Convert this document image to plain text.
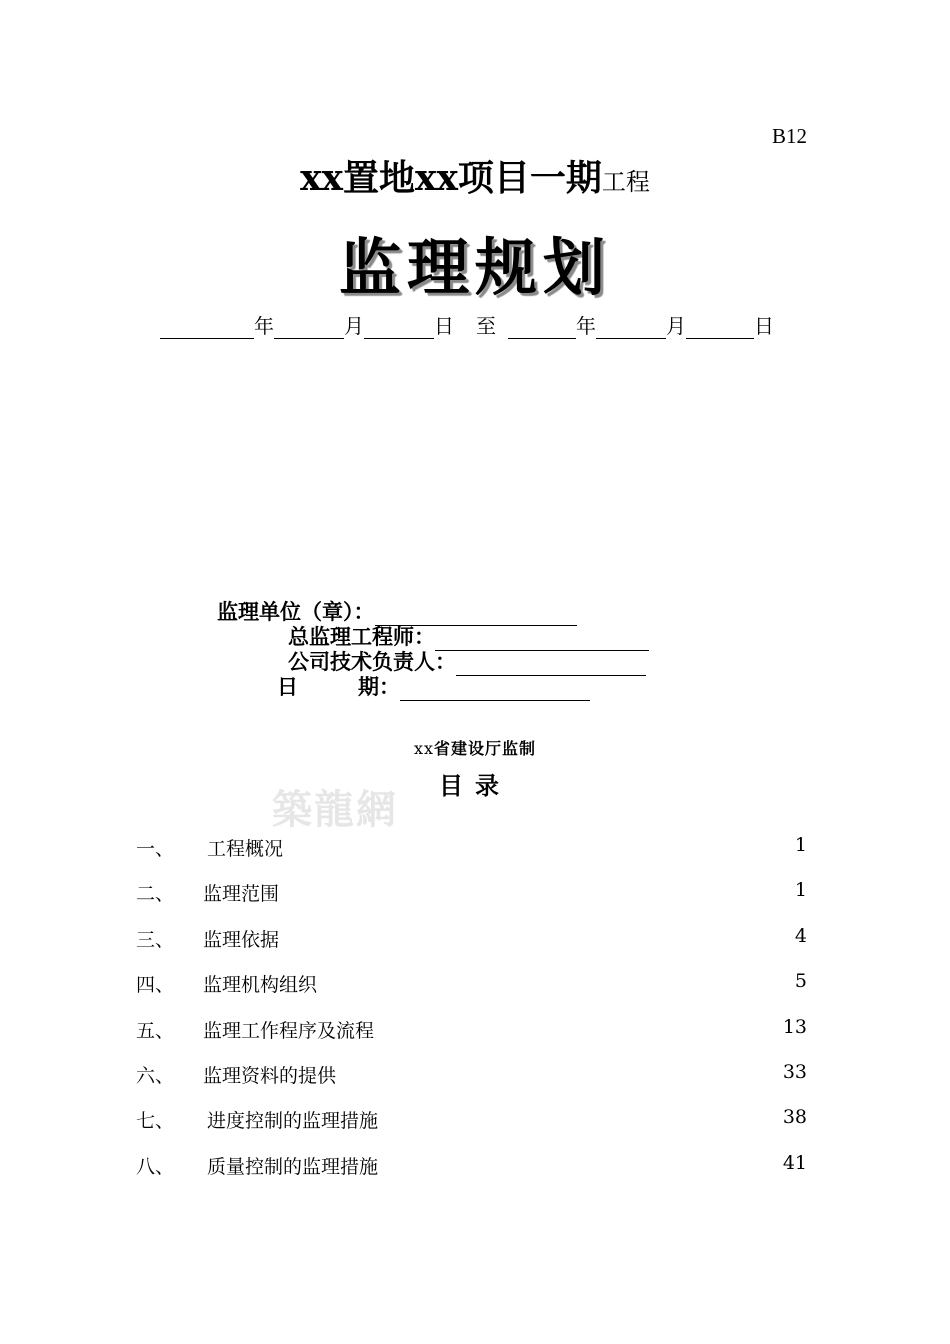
B12
xx置地xx项目一期工程
监理规划
年	月	日 至	年	月	日
监理单位（章）：
总监理工程师：
公司技术负责人：
日	期：
xx省建设厅监制
築龍網	目录
一、 工程概况	1
二、 监理范围	1
三、 监理依据	4
四、 监理机构组织	5
五、 监理工作程序及流程	13
六、 监理资料的提供	33
七、 进度控制的监理措施	38
八、 质量控制的监理措施	41
